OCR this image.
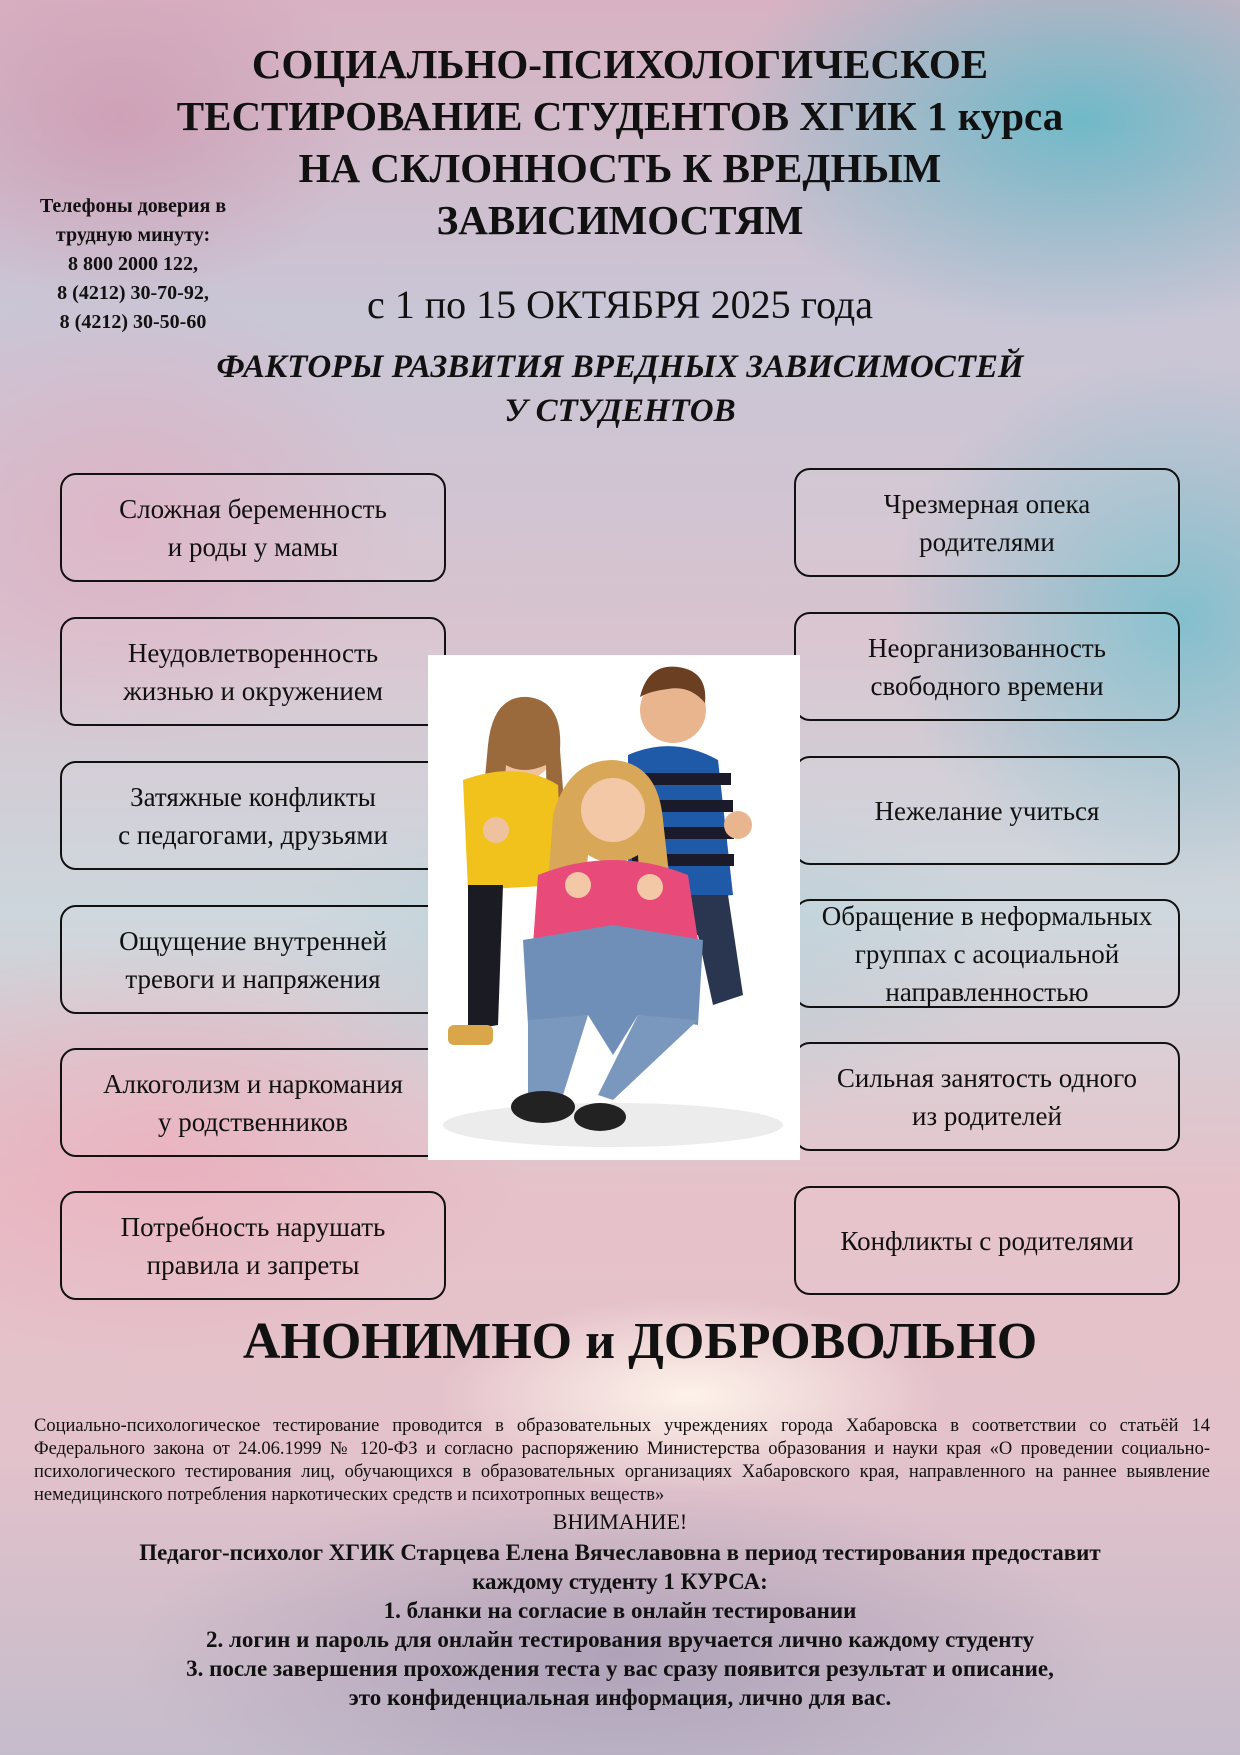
СОЦИАЛЬНО-ПСИХОЛОГИЧЕСКОЕ
ТЕСТИРОВАНИЕ СТУДЕНТОВ ХГИК 1 курса
НА СКЛОННОСТЬ К ВРЕДНЫМ
ЗАВИСИМОСТЯМ
Телефоны доверия в
трудную минуту:
8 800 2000 122,
8 (4212) 30-70-92,
8 (4212) 30-50-60	с 1 по 15 ОКТЯБРЯ 2025 года
ФАКТОРЫ РАЗВИТИЯ ВРЕДНЫХ ЗАВИСИМОСТЕЙ
У СТУДЕНТОВ
Сложная беременность
и роды у мамы
Неудовлетворенность
жизнью и окружением
Затяжные конфликты
с педагогами, друзьями
Ощущение внутренней
тревоги и напряжения
Алкоголизм и наркомания
у родственников
Потребность нарушать
правила и запреты
Чрезмерная опека
родителями
Неорганизованность
свободного времени
Нежелание учиться
Обращение в неформальных
группах с асоциальной
направленностью
Сильная занятость одного
из родителей
Конфликты с родителями
АНОНИМНО и ДОБРОВОЛЬНО
Социально-психологическое тестирование проводится в образовательных учреждениях города Хабаровска в соответствии со статьёй 14 Федерального закона от 24.06.1999 № 120-ФЗ и согласно распоряжению Министерства образования и науки края «О проведении социально-психологического тестирования лиц, обучающихся в образовательных организациях Хабаровского края, направленного на раннее выявление немедицинского потребления наркотических средств и психотропных веществ»
ВНИМАНИЕ!
Педагог-психолог ХГИК Старцева Елена Вячеславовна в период тестирования предоставит
каждому студенту 1 КУРСА:
1. бланки на согласие в онлайн тестировании
2. логин и пароль для онлайн тестирования вручается лично каждому студенту
3. после завершения прохождения теста у вас сразу появится результат и описание,
это конфиденциальная информация, лично для вас.
